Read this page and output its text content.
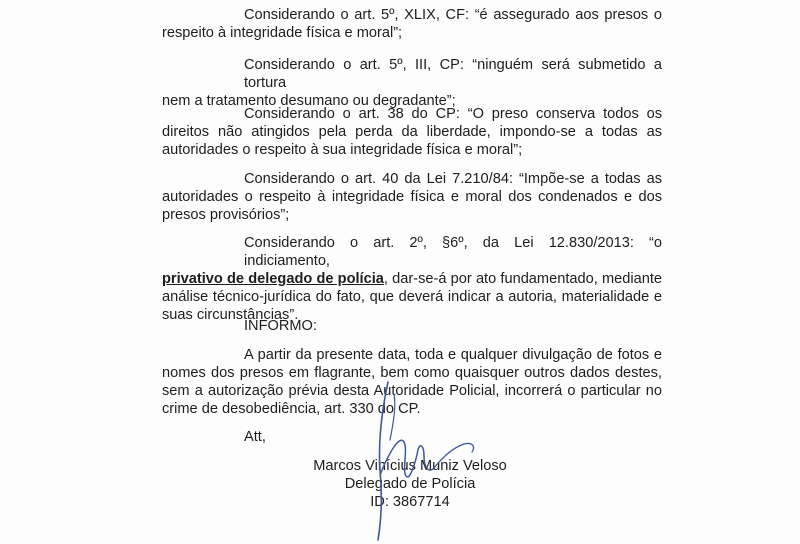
Considerando o art. 5º, XLIX, CF: “é assegurado aos presos o
respeito à integridade física e moral”;

Considerando o art. 5º, III, CP: “ninguém será submetido a tortura
nem a tratamento desumano ou degradante”;

Considerando o art. 38 do CP: “O preso conserva todos os
direitos não atingidos pela perda da liberdade, impondo-se a todas as
autoridades o respeito à sua integridade física e moral”;

Considerando o art. 40 da Lei 7.210/84: “Impõe-se a todas as
autoridades o respeito à integridade física e moral dos condenados e dos
presos provisórios”;

Considerando o art. 2º, §6º, da Lei 12.830/2013: “o indiciamento,
privativo de delegado de polícia, dar-se-á por ato fundamentado, mediante
análise técnico-jurídica do fato, que deverá indicar a autoria, materialidade e
suas circunstâncias”.

INFORMO:

A partir da presente data, toda e qualquer divulgação de fotos e
nomes dos presos em flagrante, bem como quaisquer outros dados destes,
sem a autorização prévia desta Autoridade Policial, incorrerá o particular no
crime de desobediência, art. 330 do CP.

Att,

Marcos Vinícius Muniz Veloso
Delegado de Polícia
ID: 3867714
